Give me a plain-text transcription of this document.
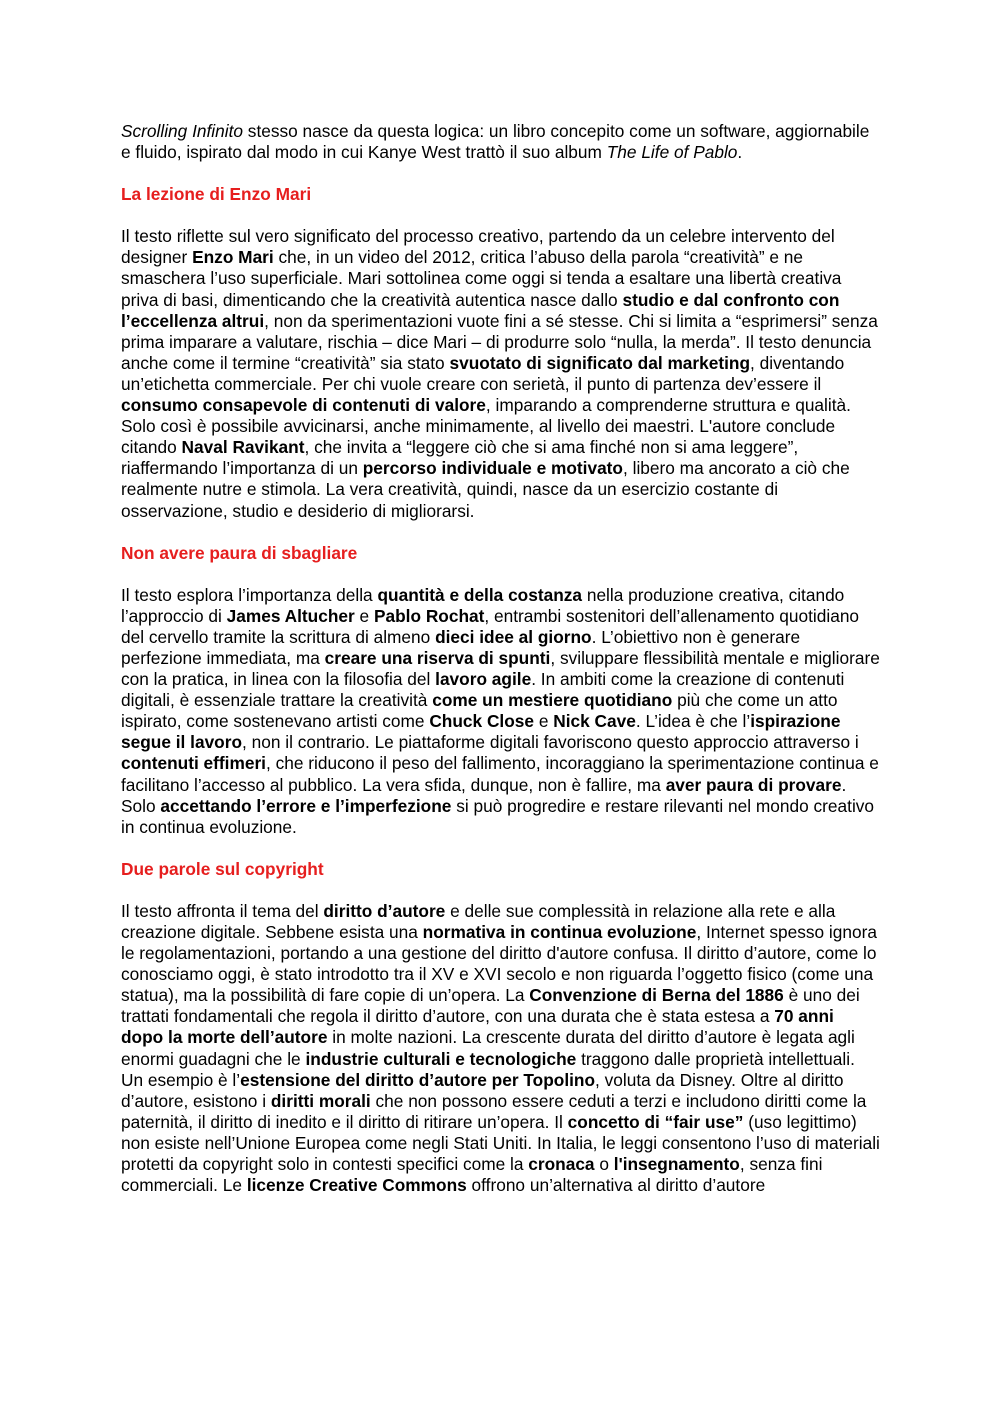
Scrolling Infinito stesso nasce da questa logica: un libro concepito come un software, aggiornabile e fluido, ispirato dal modo in cui Kanye West trattò il suo album The Life of Pablo.

La lezione di Enzo Mari

Il testo riflette sul vero significato del processo creativo, partendo da un celebre intervento del designer Enzo Mari che, in un video del 2012, critica l’abuso della parola “creatività” e ne smaschera l’uso superficiale. Mari sottolinea come oggi si tenda a esaltare una libertà creativa priva di basi, dimenticando che la creatività autentica nasce dallo studio e dal confronto con l’eccellenza altrui, non da sperimentazioni vuote fini a sé stesse. Chi si limita a “esprimersi” senza prima imparare a valutare, rischia – dice Mari – di produrre solo “nulla, la merda”. Il testo denuncia anche come il termine “creatività” sia stato svuotato di significato dal marketing, diventando un’etichetta commerciale. Per chi vuole creare con serietà, il punto di partenza dev’essere il consumo consapevole di contenuti di valore, imparando a comprenderne struttura e qualità. Solo così è possibile avvicinarsi, anche minimamente, al livello dei maestri. L'autore conclude citando Naval Ravikant, che invita a “leggere ciò che si ama finché non si ama leggere”, riaffermando l’importanza di un percorso individuale e motivato, libero ma ancorato a ciò che realmente nutre e stimola. La vera creatività, quindi, nasce da un esercizio costante di osservazione, studio e desiderio di migliorarsi.

Non avere paura di sbagliare

Il testo esplora l’importanza della quantità e della costanza nella produzione creativa, citando l’approccio di James Altucher e Pablo Rochat, entrambi sostenitori dell’allenamento quotidiano del cervello tramite la scrittura di almeno dieci idee al giorno. L’obiettivo non è generare perfezione immediata, ma creare una riserva di spunti, sviluppare flessibilità mentale e migliorare con la pratica, in linea con la filosofia del lavoro agile. In ambiti come la creazione di contenuti digitali, è essenziale trattare la creatività come un mestiere quotidiano più che come un atto ispirato, come sostenevano artisti come Chuck Close e Nick Cave. L’idea è che l’ispirazione segue il lavoro, non il contrario. Le piattaforme digitali favoriscono questo approccio attraverso i contenuti effimeri, che riducono il peso del fallimento, incoraggiano la sperimentazione continua e facilitano l’accesso al pubblico. La vera sfida, dunque, non è fallire, ma aver paura di provare. Solo accettando l’errore e l’imperfezione si può progredire e restare rilevanti nel mondo creativo in continua evoluzione.

Due parole sul copyright

Il testo affronta il tema del diritto d’autore e delle sue complessità in relazione alla rete e alla creazione digitale. Sebbene esista una normativa in continua evoluzione, Internet spesso ignora le regolamentazioni, portando a una gestione del diritto d'autore confusa. Il diritto d’autore, come lo conosciamo oggi, è stato introdotto tra il XV e XVI secolo e non riguarda l’oggetto fisico (come una statua), ma la possibilità di fare copie di un’opera. La Convenzione di Berna del 1886 è uno dei trattati fondamentali che regola il diritto d’autore, con una durata che è stata estesa a 70 anni dopo la morte dell’autore in molte nazioni. La crescente durata del diritto d’autore è legata agli enormi guadagni che le industrie culturali e tecnologiche traggono dalle proprietà intellettuali. Un esempio è l’estensione del diritto d’autore per Topolino, voluta da Disney. Oltre al diritto d’autore, esistono i diritti morali che non possono essere ceduti a terzi e includono diritti come la paternità, il diritto di inedito e il diritto di ritirare un’opera. Il concetto di “fair use” (uso legittimo) non esiste nell’Unione Europea come negli Stati Uniti. In Italia, le leggi consentono l’uso di materiali protetti da copyright solo in contesti specifici come la cronaca o l'insegnamento, senza fini commerciali. Le licenze Creative Commons offrono un’alternativa al diritto d’autore
